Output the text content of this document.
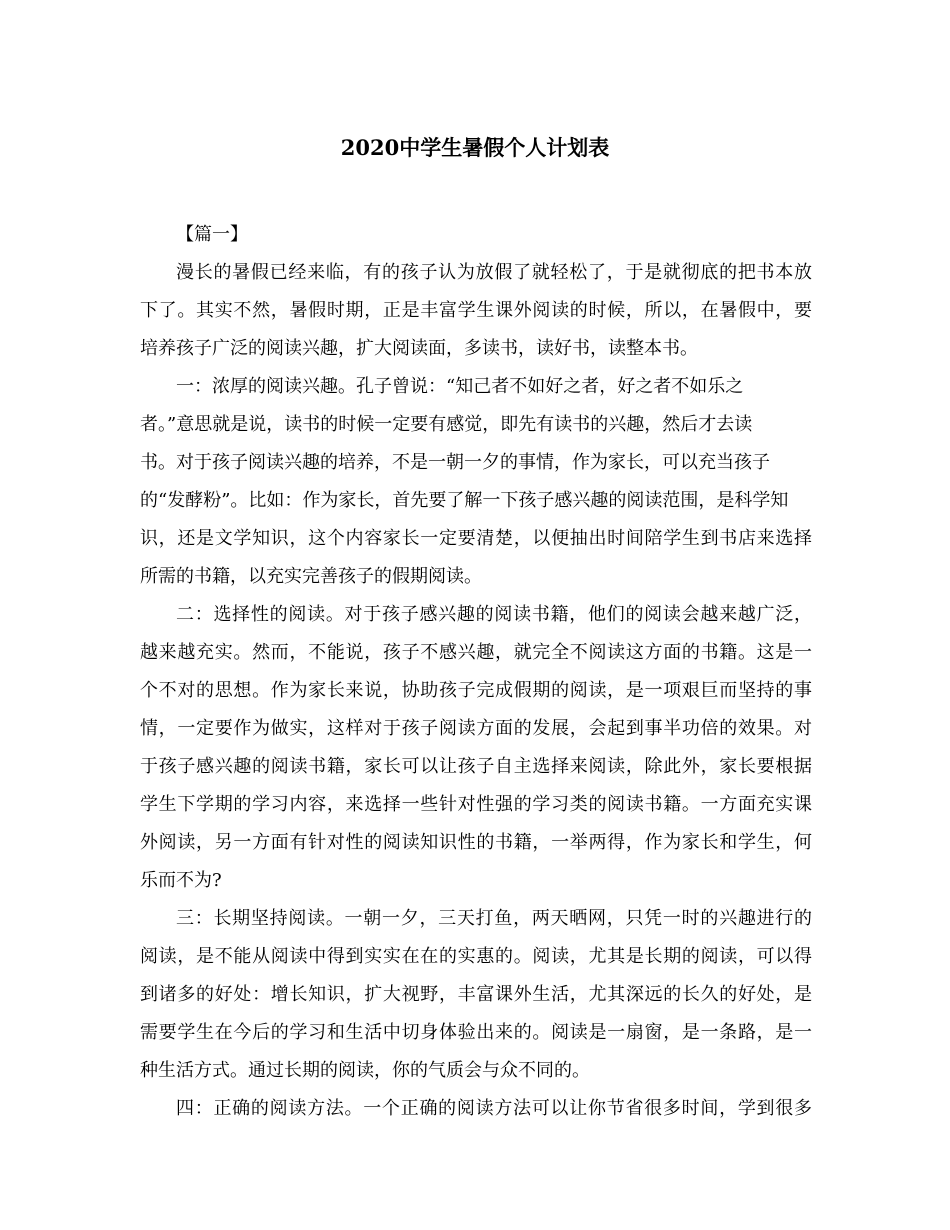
2020中学生暑假个人计划表
【篇一】
漫长的暑假已经来临，有的孩子认为放假了就轻松了，于是就彻底的把书本放
下了。其实不然，暑假时期，正是丰富学生课外阅读的时候，所以，在暑假中，要
培养孩子广泛的阅读兴趣，扩大阅读面，多读书，读好书，读整本书。
一：浓厚的阅读兴趣。孔子曾说：“知己者不如好之者，好之者不如乐之
者。”意思就是说，读书的时候一定要有感觉，即先有读书的兴趣，然后才去读
书。对于孩子阅读兴趣的培养，不是一朝一夕的事情，作为家长，可以充当孩子
的“发酵粉”。比如：作为家长，首先要了解一下孩子感兴趣的阅读范围，是科学知
识，还是文学知识，这个内容家长一定要清楚，以便抽出时间陪学生到书店来选择
所需的书籍，以充实完善孩子的假期阅读。
二：选择性的阅读。对于孩子感兴趣的阅读书籍，他们的阅读会越来越广泛，
越来越充实。然而，不能说，孩子不感兴趣，就完全不阅读这方面的书籍。这是一
个不对的思想。作为家长来说，协助孩子完成假期的阅读，是一项艰巨而坚持的事
情，一定要作为做实，这样对于孩子阅读方面的发展，会起到事半功倍的效果。对
于孩子感兴趣的阅读书籍，家长可以让孩子自主选择来阅读，除此外，家长要根据
学生下学期的学习内容，来选择一些针对性强的学习类的阅读书籍。一方面充实课
外阅读，另一方面有针对性的阅读知识性的书籍，一举两得，作为家长和学生，何
乐而不为?
三：长期坚持阅读。一朝一夕，三天打鱼，两天晒网，只凭一时的兴趣进行的
阅读，是不能从阅读中得到实实在在的实惠的。阅读，尤其是长期的阅读，可以得
到诸多的好处：增长知识，扩大视野，丰富课外生活，尤其深远的长久的好处，是
需要学生在今后的学习和生活中切身体验出来的。阅读是一扇窗，是一条路，是一
种生活方式。通过长期的阅读，你的气质会与众不同的。
四：正确的阅读方法。一个正确的阅读方法可以让你节省很多时间，学到很多
